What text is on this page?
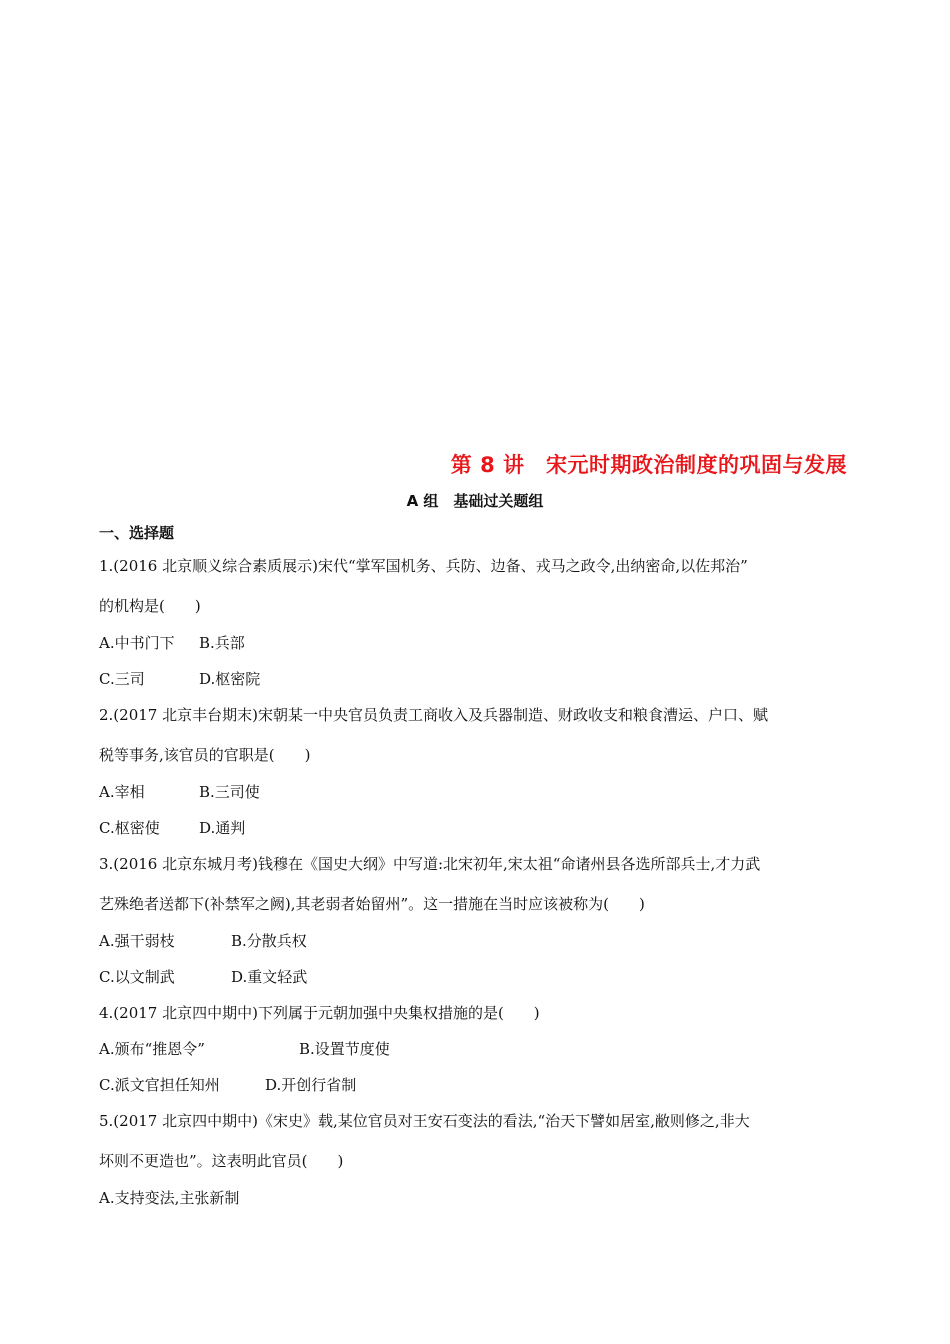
第 8 讲　宋元时期政治制度的巩固与发展
A 组　基础过关题组
一、选择题
1.(2016 北京顺义综合素质展示)宋代“掌军国机务、兵防、边备、戎马之政令,出纳密命,以佐邦治”
的机构是(　　)
A.中书门下 B.兵部
C.三司	D.枢密院
2.(2017 北京丰台期末)宋朝某一中央官员负责工商收入及兵器制造、财政收支和粮食漕运、户口、赋
税等事务,该官员的官职是(　　)
A.宰相	B.三司使
C.枢密使	D.通判
3.(2016 北京东城月考)钱穆在《国史大纲》中写道:北宋初年,宋太祖“命诸州县各选所部兵士,才力武
艺殊绝者送都下(补禁军之阙),其老弱者始留州”。这一措施在当时应该被称为(　　)
A.强干弱枝	B.分散兵权
C.以文制武	D.重文轻武
4.(2017 北京四中期中)下列属于元朝加强中央集权措施的是(　　)
A.颁布“推恩令”	B.设置节度使
C.派文官担任知州	D.开创行省制
5.(2017 北京四中期中)《宋史》载,某位官员对王安石变法的看法,“治天下譬如居室,敝则修之,非大
坏则不更造也”。这表明此官员(　　)
A.支持变法,主张新制
